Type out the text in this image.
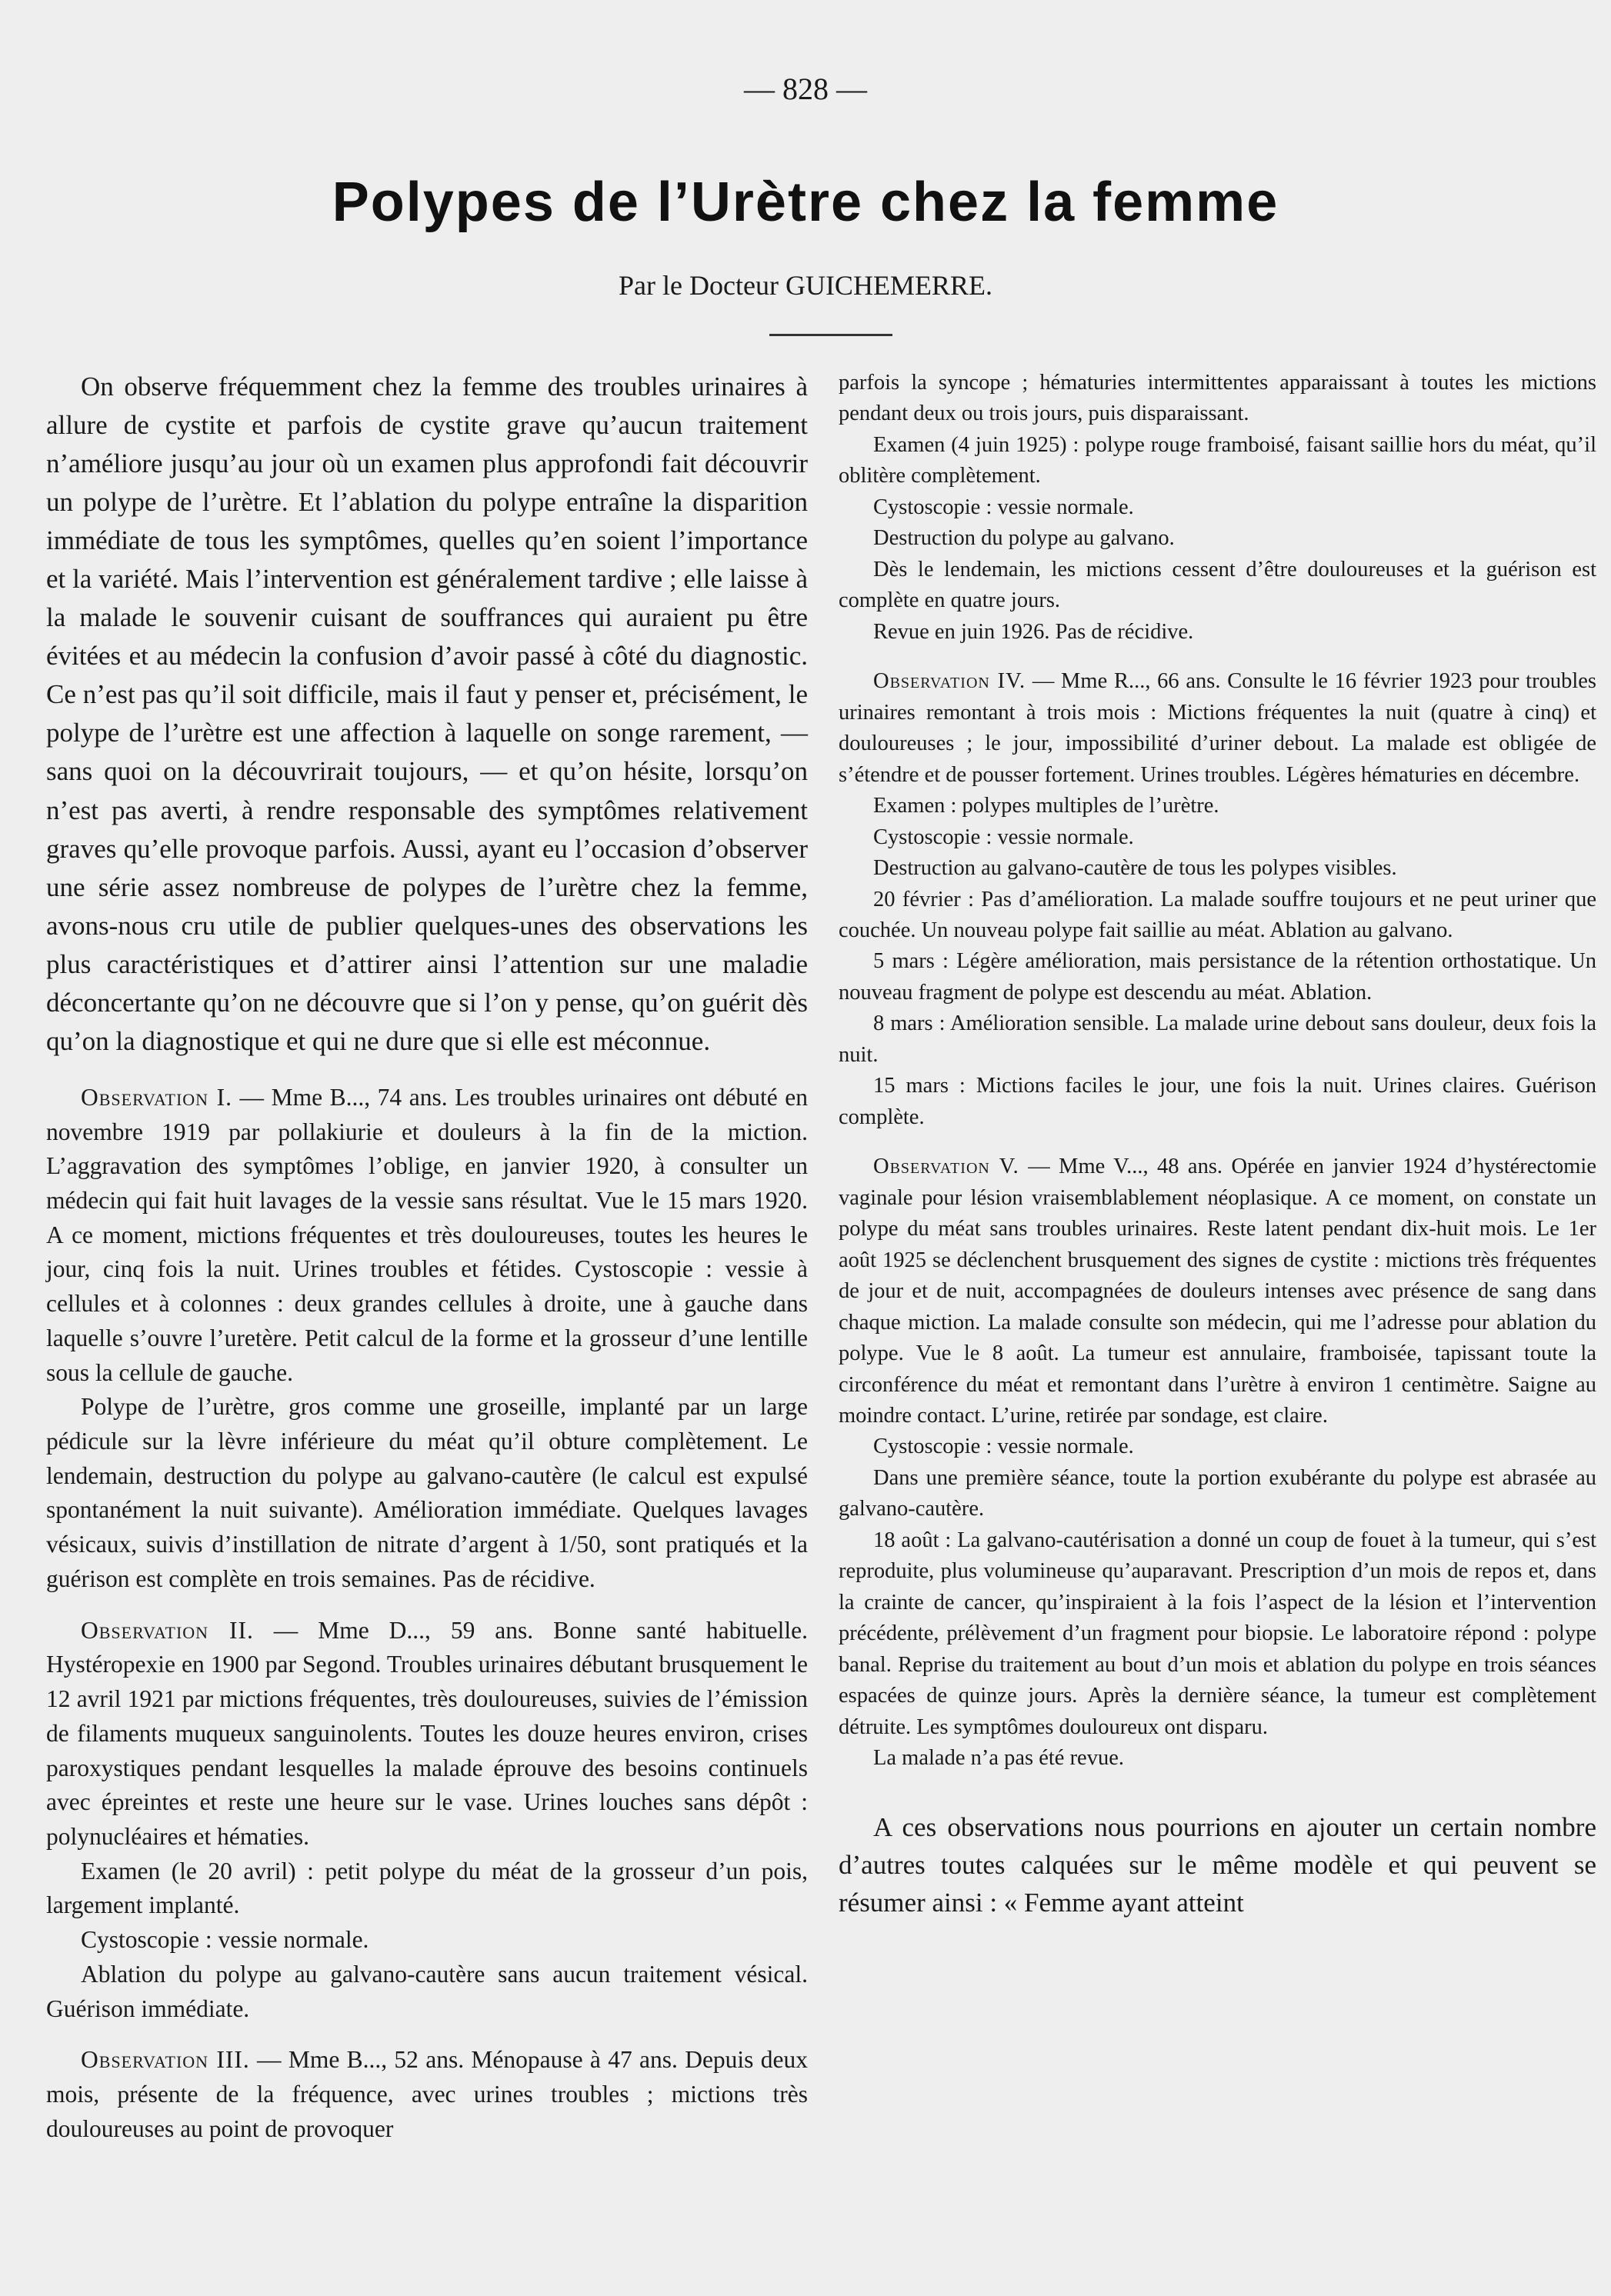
— 828 —
Polypes de l’Urètre chez la femme
Par le Docteur GUICHEMERRE.

On observe fréquemment chez la femme des troubles urinaires à allure de cystite et parfois de cystite grave qu’aucun traitement n’améliore jusqu’au jour où un examen plus approfondi fait découvrir un polype de l’urètre. Et l’ablation du polype entraîne la disparition immédiate de tous les symptômes, quelles qu’en soient l’importance et la variété. Mais l’intervention est généralement tardive ; elle laisse à la malade le souvenir cuisant de souffrances qui auraient pu être évitées et au médecin la confusion d’avoir passé à côté du diagnostic. Ce n’est pas qu’il soit difficile, mais il faut y penser et, précisément, le polype de l’urètre est une affection à laquelle on songe rarement, — sans quoi on la découvrirait toujours, — et qu’on hésite, lorsqu’on n’est pas averti, à rendre responsable des symptômes relativement graves qu’elle provoque parfois. Aussi, ayant eu l’occasion d’observer une série assez nombreuse de polypes de l’urètre chez la femme, avons-nous cru utile de publier quelques-unes des observations les plus caractéristiques et d’attirer ainsi l’attention sur une maladie déconcertante qu’on ne découvre que si l’on y pense, qu’on guérit dès qu’on la diagnostique et qui ne dure que si elle est méconnue.

Observation I. — Mme B..., 74 ans. Les troubles urinaires ont débuté en novembre 1919 par pollakiurie et douleurs à la fin de la miction. L’aggravation des symptômes l’oblige, en janvier 1920, à consulter un médecin qui fait huit lavages de la vessie sans résultat. Vue le 15 mars 1920. A ce moment, mictions fréquentes et très douloureuses, toutes les heures le jour, cinq fois la nuit. Urines troubles et fétides. Cystoscopie : vessie à cellules et à colonnes : deux grandes cellules à droite, une à gauche dans laquelle s’ouvre l’uretère. Petit calcul de la forme et la grosseur d’une lentille sous la cellule de gauche.

Polype de l’urètre, gros comme une groseille, implanté par un large pédicule sur la lèvre inférieure du méat qu’il obture complètement. Le lendemain, destruction du polype au galvano-cautère (le calcul est expulsé spontanément la nuit suivante). Amélioration immédiate. Quelques lavages vésicaux, suivis d’instillation de nitrate d’argent à 1/50, sont pratiqués et la guérison est complète en trois semaines. Pas de récidive.

Observation II. — Mme D..., 59 ans. Bonne santé habituelle. Hystéropexie en 1900 par Segond. Troubles urinaires débutant brusquement le 12 avril 1921 par mictions fréquentes, très douloureuses, suivies de l’émission de filaments muqueux sanguinolents. Toutes les douze heures environ, crises paroxystiques pendant lesquelles la malade éprouve des besoins continuels avec épreintes et reste une heure sur le vase. Urines louches sans dépôt : polynucléaires et hématies.

Examen (le 20 avril) : petit polype du méat de la grosseur d’un pois, largement implanté.

Cystoscopie : vessie normale.

Ablation du polype au galvano-cautère sans aucun traitement vésical. Guérison immédiate.

Observation III. — Mme B..., 52 ans. Ménopause à 47 ans. Depuis deux mois, présente de la fréquence, avec urines troubles ; mictions très douloureuses au point de provoquer

parfois la syncope ; hématuries intermittentes apparaissant à toutes les mictions pendant deux ou trois jours, puis disparaissant.

Examen (4 juin 1925) : polype rouge framboisé, faisant saillie hors du méat, qu’il oblitère complètement.

Cystoscopie : vessie normale.

Destruction du polype au galvano.

Dès le lendemain, les mictions cessent d’être douloureuses et la guérison est complète en quatre jours.

Revue en juin 1926. Pas de récidive.

Observation IV. — Mme R..., 66 ans. Consulte le 16 février 1923 pour troubles urinaires remontant à trois mois : Mictions fréquentes la nuit (quatre à cinq) et douloureuses ; le jour, impossibilité d’uriner debout. La malade est obligée de s’étendre et de pousser fortement. Urines troubles. Légères hématuries en décembre.

Examen : polypes multiples de l’urètre.

Cystoscopie : vessie normale.

Destruction au galvano-cautère de tous les polypes visibles.

20 février : Pas d’amélioration. La malade souffre toujours et ne peut uriner que couchée. Un nouveau polype fait saillie au méat. Ablation au galvano.

5 mars : Légère amélioration, mais persistance de la rétention orthostatique. Un nouveau fragment de polype est descendu au méat. Ablation.

8 mars : Amélioration sensible. La malade urine debout sans douleur, deux fois la nuit.

15 mars : Mictions faciles le jour, une fois la nuit. Urines claires. Guérison complète.

Observation V. — Mme V..., 48 ans. Opérée en janvier 1924 d’hystérectomie vaginale pour lésion vraisemblablement néoplasique. A ce moment, on constate un polype du méat sans troubles urinaires. Reste latent pendant dix-huit mois. Le 1er août 1925 se déclenchent brusquement des signes de cystite : mictions très fréquentes de jour et de nuit, accompagnées de douleurs intenses avec présence de sang dans chaque miction. La malade consulte son médecin, qui me l’adresse pour ablation du polype. Vue le 8 août. La tumeur est annulaire, framboisée, tapissant toute la circonférence du méat et remontant dans l’urètre à environ 1 centimètre. Saigne au moindre contact. L’urine, retirée par sondage, est claire.

Cystoscopie : vessie normale.

Dans une première séance, toute la portion exubérante du polype est abrasée au galvano-cautère.

18 août : La galvano-cautérisation a donné un coup de fouet à la tumeur, qui s’est reproduite, plus volumineuse qu’auparavant. Prescription d’un mois de repos et, dans la crainte de cancer, qu’inspiraient à la fois l’aspect de la lésion et l’intervention précédente, prélèvement d’un fragment pour biopsie. Le laboratoire répond : polype banal. Reprise du traitement au bout d’un mois et ablation du polype en trois séances espacées de quinze jours. Après la dernière séance, la tumeur est complètement détruite. Les symptômes douloureux ont disparu.

La malade n’a pas été revue.

A ces observations nous pourrions en ajouter un certain nombre d’autres toutes calquées sur le même modèle et qui peuvent se résumer ainsi : « Femme ayant atteint
